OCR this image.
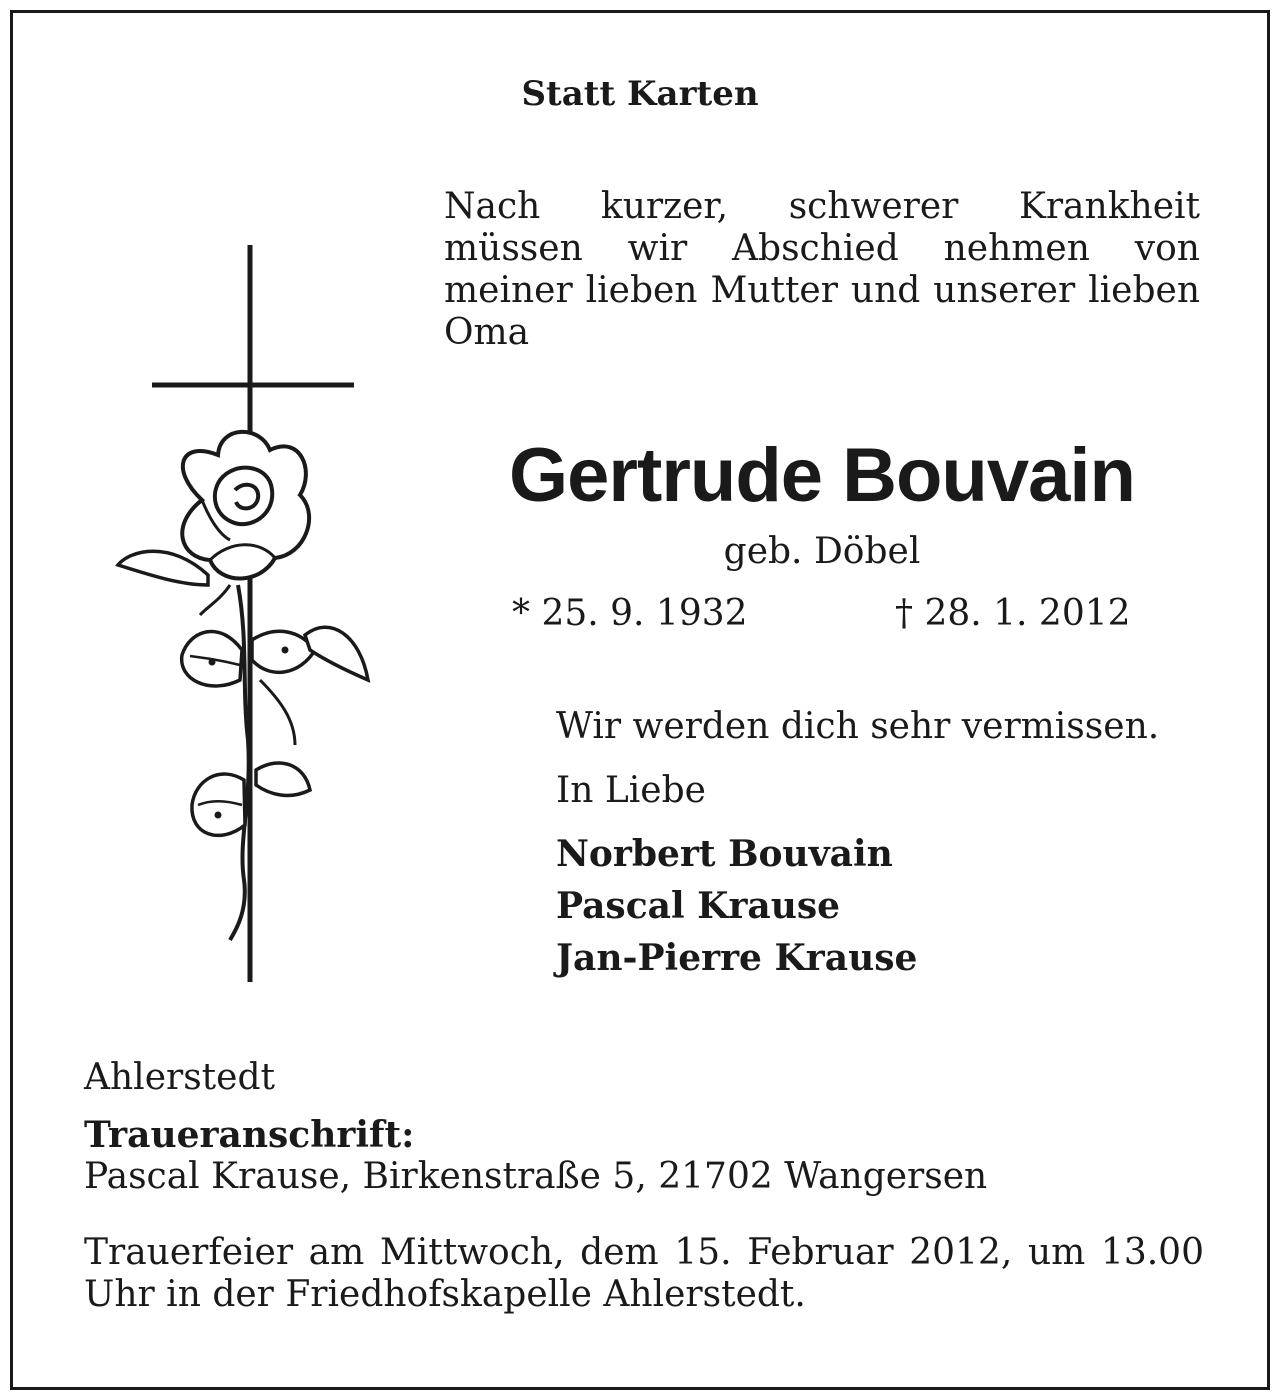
Statt Karten

Nach kurzer, schwerer Krankheit müssen wir Abschied nehmen von meiner lieben Mutter und unserer lieben Oma

Gertrude Bouvain
geb. Döbel
* 25. 9. 1932	† 28. 1. 2012
Wir werden dich sehr vermissen.
In Liebe

Norbert Bouvain

Pascal Krause

Jan-Pierre Krause

Ahlerstedt
Traueranschrift:
Pascal Krause, Birkenstraße 5, 21702 Wangersen

Trauerfeier am Mittwoch, dem 15. Februar 2012, um 13.00 Uhr in der Friedhofskapelle Ahlerstedt.
